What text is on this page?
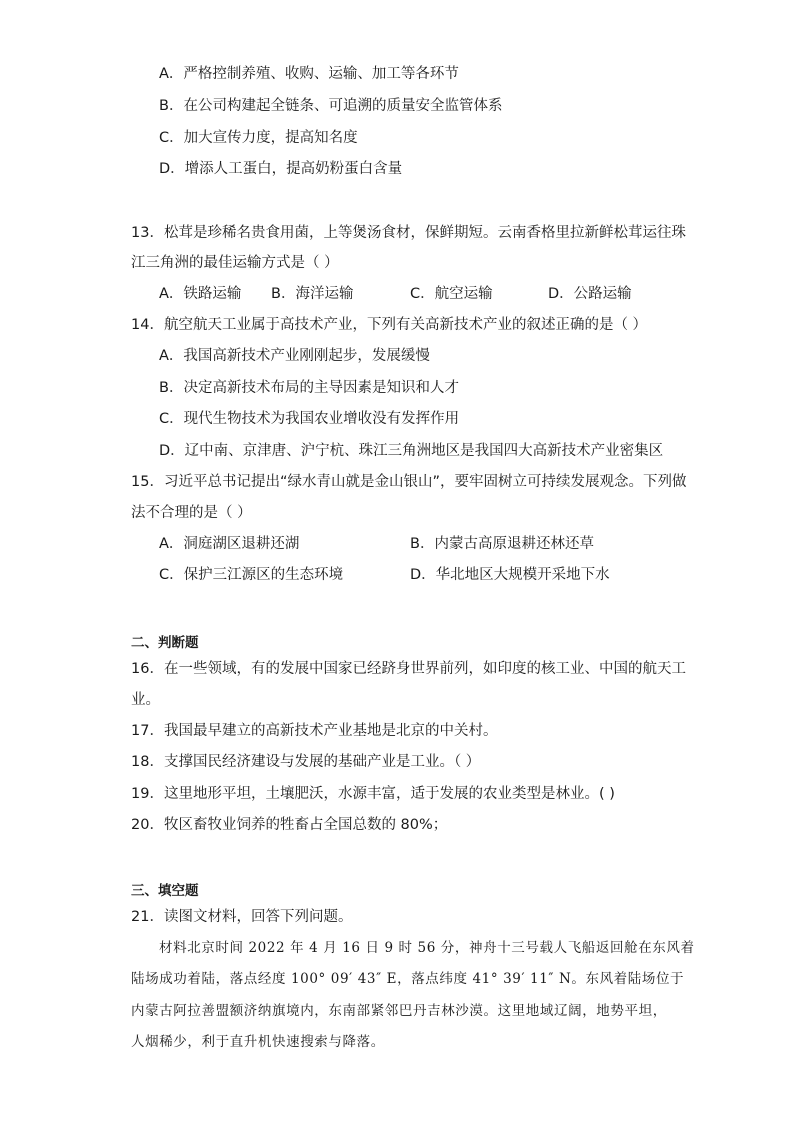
A．严格控制养殖、收购、运输、加工等各环节
B．在公司构建起全链条、可追溯的质量安全监管体系
C．加大宣传力度，提高知名度
D．增添人工蛋白，提高奶粉蛋白含量
13．松茸是珍稀名贵食用菌，上等煲汤食材，保鲜期短。云南香格里拉新鲜松茸运往珠
江三角洲的最佳运输方式是（ ）
A．铁路运输 B．海洋运输	C．航空运输	D．公路运输
14．航空航天工业属于高技术产业，下列有关高新技术产业的叙述正确的是（ ）
A．我国高新技术产业刚刚起步，发展缓慢
B．决定高新技术布局的主导因素是知识和人才
C．现代生物技术为我国农业增收没有发挥作用
D．辽中南、京津唐、沪宁杭、珠江三角洲地区是我国四大高新技术产业密集区
15．习近平总书记提出“绿水青山就是金山银山”，要牢固树立可持续发展观念。下列做
法不合理的是（ ）
A．洞庭湖区退耕还湖	B．内蒙古高原退耕还林还草
C．保护三江源区的生态环境	D．华北地区大规模开采地下水
二、判断题
16．在一些领域，有的发展中国家已经跻身世界前列，如印度的核工业、中国的航天工
业。
17．我国最早建立的高新技术产业基地是北京的中关村。
18．支撑国民经济建设与发展的基础产业是工业。（ ）
19．这里地形平坦，土壤肥沃，水源丰富，适于发展的农业类型是林业。( )
20．牧区畜牧业饲养的牲畜占全国总数的 80%；
三、填空题
21．读图文材料，回答下列问题。
材料北京时间 2022 年 4 月 16 日 9 时 56 分，神舟十三号载人飞船返回舱在东风着
陆场成功着陆，落点经度 100° 09′ 43″ E，落点纬度 41° 39′ 11″ N。东风着陆场位于
内蒙古阿拉善盟额济纳旗境内，东南部紧邻巴丹吉林沙漠。这里地域辽阔，地势平坦，
人烟稀少，利于直升机快速搜索与降落。
